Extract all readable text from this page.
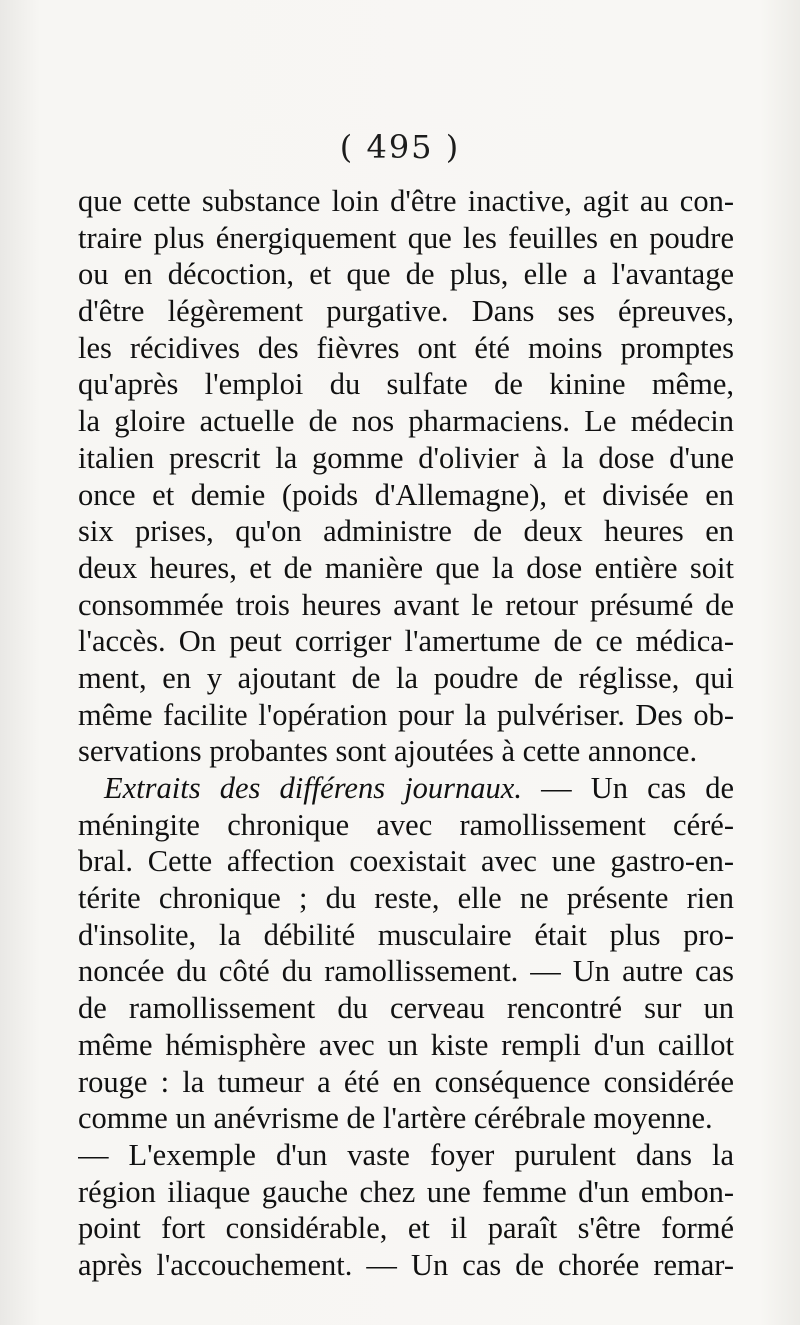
( 495 )
que cette substance loin d'être inactive, agit au con-
traire plus énergiquement que les feuilles en poudre
ou en décoction, et que de plus, elle a l'avantage
d'être légèrement purgative. Dans ses épreuves,
les récidives des fièvres ont été moins promptes
qu'après l'emploi du sulfate de kinine même,
la gloire actuelle de nos pharmaciens. Le médecin
italien prescrit la gomme d'olivier à la dose d'une
once et demie (poids d'Allemagne), et divisée en
six prises, qu'on administre de deux heures en
deux heures, et de manière que la dose entière soit
consommée trois heures avant le retour présumé de
l'accès. On peut corriger l'amertume de ce médica-
ment, en y ajoutant de la poudre de réglisse, qui
même facilite l'opération pour la pulvériser. Des ob-
servations probantes sont ajoutées à cette annonce.
Extraits des différens journaux. — Un cas de
méningite chronique avec ramollissement céré-
bral. Cette affection coexistait avec une gastro-en-
térite chronique ; du reste, elle ne présente rien
d'insolite, la débilité musculaire était plus pro-
noncée du côté du ramollissement. — Un autre cas
de ramollissement du cerveau rencontré sur un
même hémisphère avec un kiste rempli d'un caillot
rouge : la tumeur a été en conséquence considérée
comme un anévrisme de l'artère cérébrale moyenne.
— L'exemple d'un vaste foyer purulent dans la
région iliaque gauche chez une femme d'un embon-
point fort considérable, et il paraît s'être formé
après l'accouchement. — Un cas de chorée remar-
